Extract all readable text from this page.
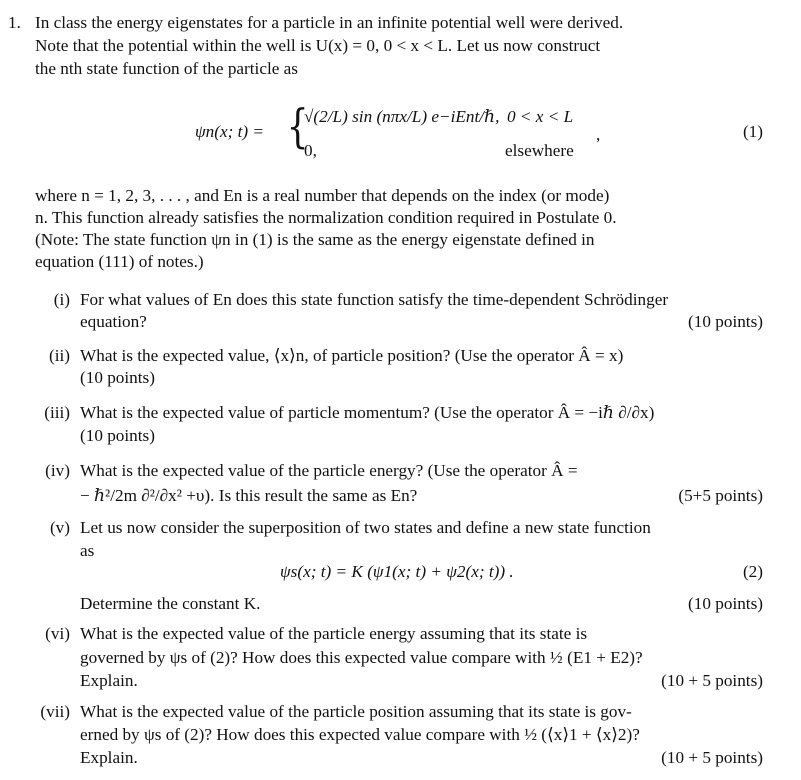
1. In class the energy eigenstates for a particle in an infinite potential well were derived.
Note that the potential within the well is U(x) = 0, 0 < x < L. Let us now construct
the nth state function of the particle as
ψn(x; t) = {
√(2/L) sin (nπx/L) e−iEnt/ℏ, 0 < x < L
0,	elsewhere
,	(1)
where n = 1, 2, 3, . . . , and En is a real number that depends on the index (or mode)
n. This function already satisfies the normalization condition required in Postulate 0.
(Note: The state function ψn in (1) is the same as the energy eigenstate defined in
equation (111) of notes.)
(i) For what values of En does this state function satisfy the time-dependent Schrödinger
equation?	(10 points)
(ii) What is the expected value, ⟨x⟩n, of particle position? (Use the operator Â = x)
(10 points)
(iii) What is the expected value of particle momentum? (Use the operator Â = −iℏ ∂/∂x)
(10 points)
(iv) What is the expected value of the particle energy? (Use the operator Â =
− ℏ²/2m ∂²/∂x² +υ). Is this result the same as En?	(5+5 points)
(v) Let us now consider the superposition of two states and define a new state function
as
ψs(x; t) = K (ψ1(x; t) + ψ2(x; t)) .	(2)
Determine the constant K.	(10 points)
(vi) What is the expected value of the particle energy assuming that its state is
governed by ψs of (2)? How does this expected value compare with ½ (E1 + E2)?
Explain.	(10 + 5 points)
(vii) What is the expected value of the particle position assuming that its state is gov-
erned by ψs of (2)? How does this expected value compare with ½ (⟨x⟩1 + ⟨x⟩2)?
Explain.	(10 + 5 points)
